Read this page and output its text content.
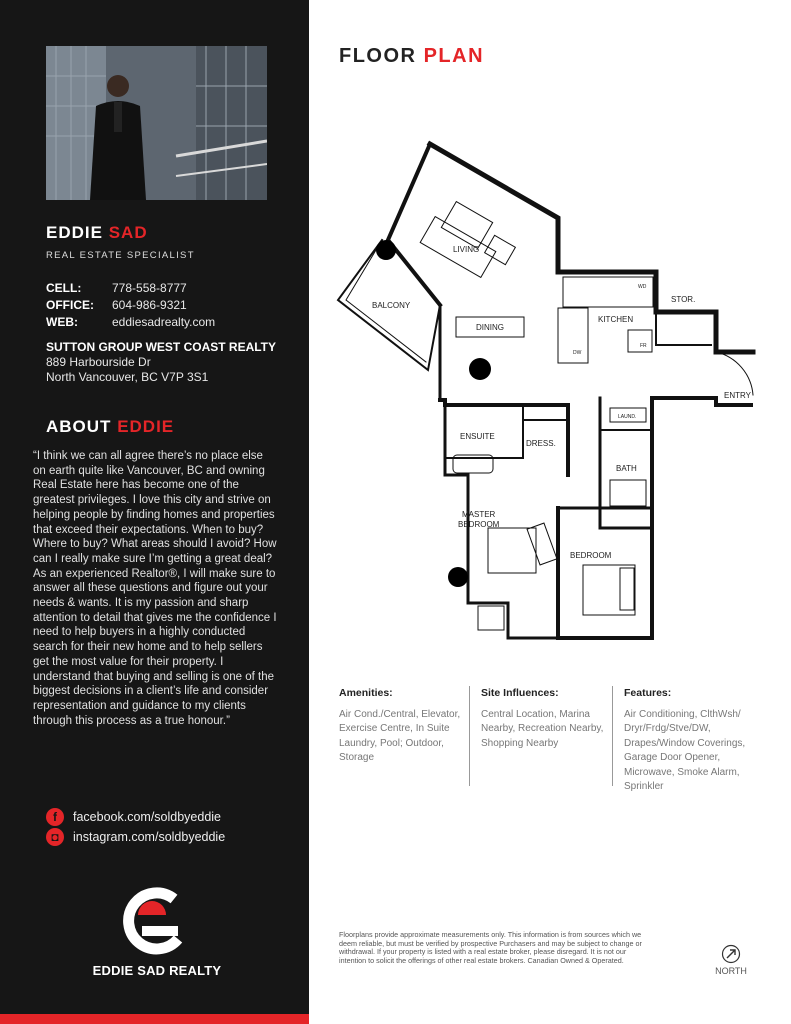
EDDIE SAD
REAL ESTATE SPECIALIST
CELL:	778-558-8777
OFFICE:	604-986-9321
WEB:	eddiesadrealty.com
SUTTON GROUP WEST COAST REALTY
889 Harbourside Dr
North Vancouver, BC V7P 3S1
ABOUT EDDIE
“I think we can all agree there’s no place else on earth quite like Vancouver, BC and owning Real Estate here has become one of the greatest privileges. I love this city and strive on helping people by finding homes and properties that exceed their expectations. When to buy? Where to buy? What areas should I avoid? How can I really make sure I’m getting a great deal? As an experienced Realtor®, I will make sure to answer all these questions and figure out your needs & wants. It is my passion and sharp attention to detail that gives me the confidence I need to help buyers in a highly conducted search for their new home and to help sellers get the most value for their property. I understand that buying and selling is one of the biggest decisions in a client’s life and consider representation and guidance to my clients through this process as a true honour.”
f	facebook.com/soldbyeddie
◘	instagram.com/soldbyeddie
EDDIE SAD REALTY
FLOOR PLAN
LIVING
BALCONY
DINING
KITCHEN
STOR.
WD
FR
DW
ENTRY
ENSUITE
DRESS.
LAUND.
BATH
MASTER
BEDROOM
BEDROOM
Amenities:
Air Cond./Central, Elevator,
Exercise Centre, In Suite
Laundry, Pool; Outdoor,
Storage
Site Influences:
Central Location, Marina
Nearby, Recreation Nearby,
Shopping Nearby
Features:
Air Conditioning, ClthWsh/
Dryr/Frdg/Stve/DW,
Drapes/Window Coverings,
Garage Door Opener,
Microwave, Smoke Alarm,
Sprinkler
Floorplans provide approximate measurements only. This information is from sources which we deem reliable, but must be verified by prospective Purchasers and may be subject to change or withdrawal. If your property is listed with a real estate broker, please disregard. It is not our intention to solicit the offerings of other real estate brokers. Canadian Owned & Operated.
NORTH
